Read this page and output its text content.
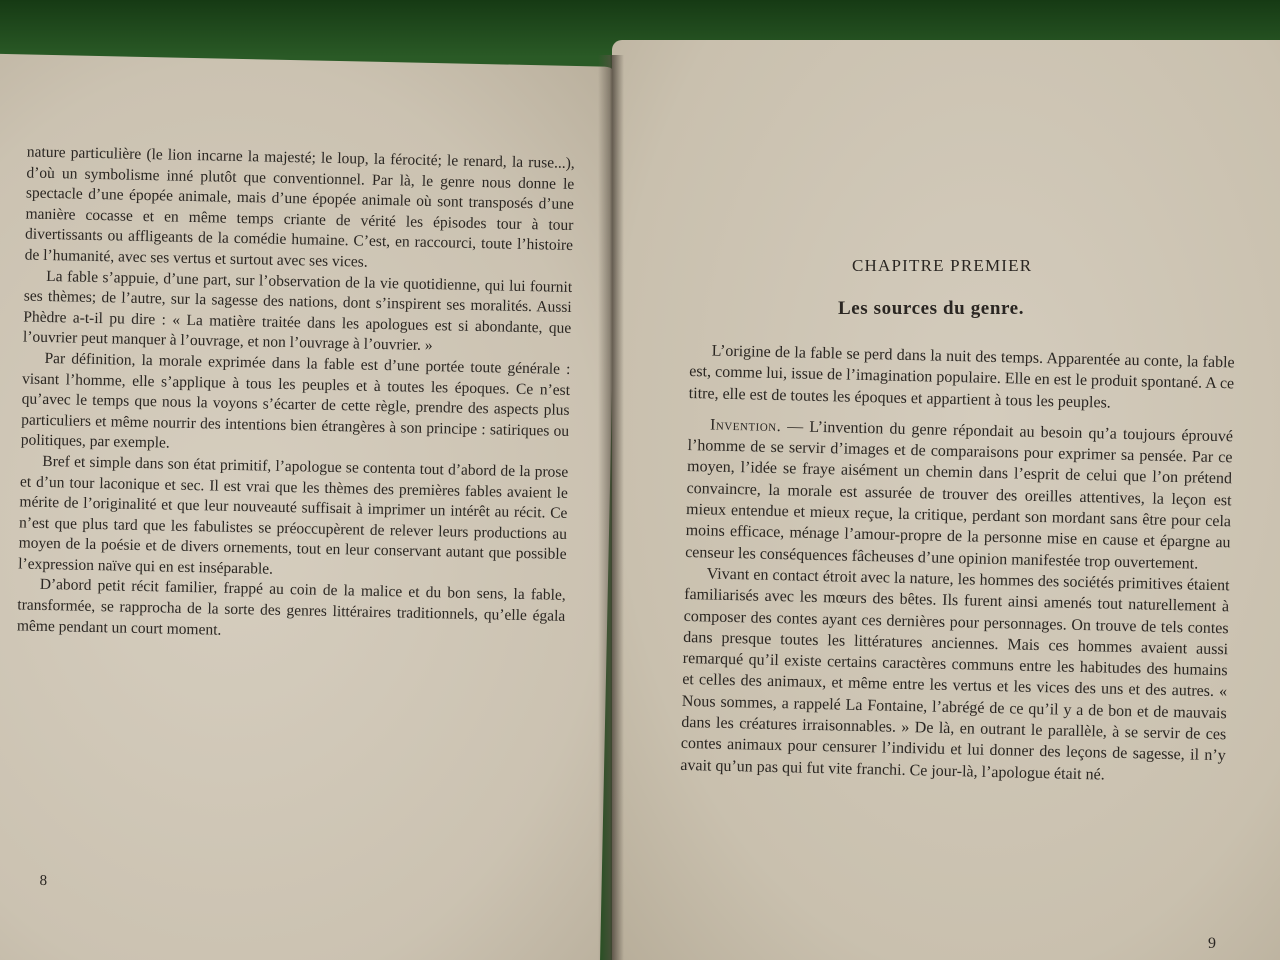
nature particulière (le lion incarne la majesté; le loup, la férocité; le renard, la ruse...), d’où un symbolisme inné plutôt que conventionnel. Par là, le genre nous donne le spectacle d’une épopée animale, mais d’une épopée animale où sont transposés d’une manière cocasse et en même temps criante de vérité les épisodes tour à tour divertissants ou affligeants de la comédie humaine. C’est, en raccourci, toute l’histoire de l’humanité, avec ses vertus et surtout avec ses vices.

La fable s’appuie, d’une part, sur l’observation de la vie quotidienne, qui lui fournit ses thèmes; de l’autre, sur la sagesse des nations, dont s’inspirent ses moralités. Aussi Phèdre a-t-il pu dire : « La matière traitée dans les apologues est si abondante, que l’ouvrier peut manquer à l’ouvrage, et non l’ouvrage à l’ouvrier. »

Par définition, la morale exprimée dans la fable est d’une portée toute générale : visant l’homme, elle s’applique à tous les peuples et à toutes les époques. Ce n’est qu’avec le temps que nous la voyons s’écarter de cette règle, prendre des aspects plus particuliers et même nourrir des intentions bien étrangères à son principe : satiriques ou politiques, par exemple.

Bref et simple dans son état primitif, l’apologue se contenta tout d’abord de la prose et d’un tour laconique et sec. Il est vrai que les thèmes des premières fables avaient le mérite de l’originalité et que leur nouveauté suffisait à imprimer un intérêt au récit. Ce n’est que plus tard que les fabulistes se préoccupèrent de relever leurs productions au moyen de la poésie et de divers ornements, tout en leur conservant autant que possible l’expression naïve qui en est inséparable.

D’abord petit récit familier, frappé au coin de la malice et du bon sens, la fable, transformée, se rapprocha de la sorte des genres littéraires traditionnels, qu’elle égala même pendant un court moment.

8
CHAPITRE PREMIER
Les sources du genre.

L’origine de la fable se perd dans la nuit des temps. Apparentée au conte, la fable est, comme lui, issue de l’imagination populaire. Elle en est le produit spontané. A ce titre, elle est de toutes les époques et appartient à tous les peuples.

Invention. — L’invention du genre répondait au besoin qu’a toujours éprouvé l’homme de se servir d’images et de comparaisons pour exprimer sa pensée. Par ce moyen, l’idée se fraye aisément un chemin dans l’esprit de celui que l’on prétend convaincre, la morale est assurée de trouver des oreilles attentives, la leçon est mieux entendue et mieux reçue, la critique, perdant son mordant sans être pour cela moins efficace, ménage l’amour-propre de la personne mise en cause et épargne au censeur les conséquences fâcheuses d’une opinion manifestée trop ouvertement.

Vivant en contact étroit avec la nature, les hommes des sociétés primitives étaient familiarisés avec les mœurs des bêtes. Ils furent ainsi amenés tout naturellement à composer des contes ayant ces dernières pour personnages. On trouve de tels contes dans presque toutes les littératures anciennes. Mais ces hommes avaient aussi remarqué qu’il existe certains caractères communs entre les habitudes des humains et celles des animaux, et même entre les vertus et les vices des uns et des autres. « Nous sommes, a rappelé La Fontaine, l’abrégé de ce qu’il y a de bon et de mauvais dans les créatures irraisonnables. » De là, en outrant le parallèle, à se servir de ces contes animaux pour censurer l’individu et lui donner des leçons de sagesse, il n’y avait qu’un pas qui fut vite franchi. Ce jour-là, l’apologue était né.

9
